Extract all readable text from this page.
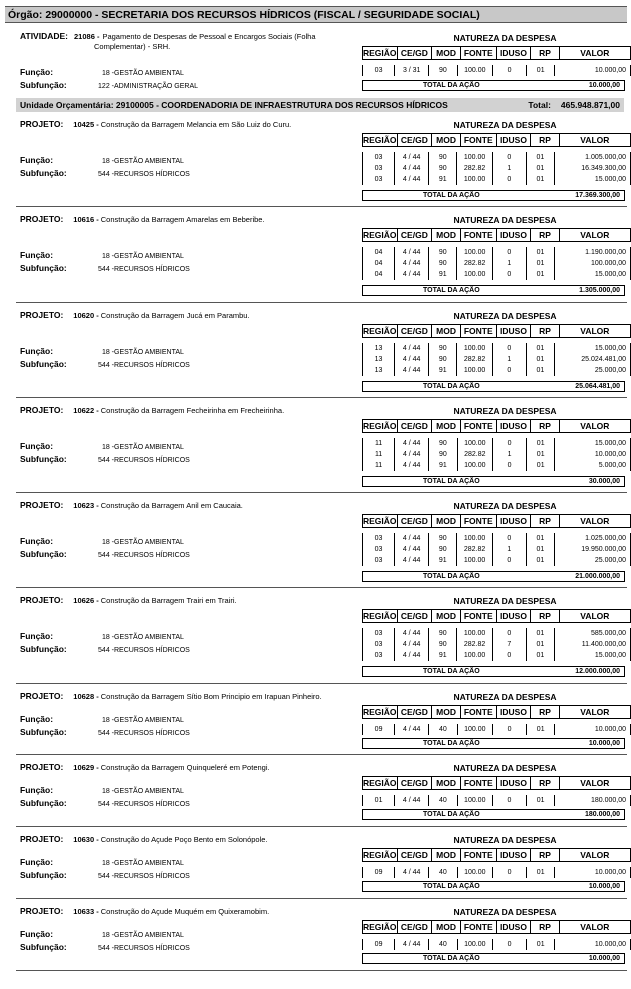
Órgão: 29000000 - SECRETARIA DOS RECURSOS HÍDRICOS (FISCAL / SEGURIDADE SOCIAL)
ATIVIDADE: 21086 - Pagamento de Despesas de Pessoal e Encargos Sociais (Folha
Complementar) - SRH.
NATUREZA DA DESPESA
REGIÃO	CE/GD	MOD	FONTE	IDUSO	RP	VALOR
03	3 / 31	90	100.00	0	01	10.000,00
TOTAL DA AÇÃO	10.000,00
Função:	18 -GESTÃO AMBIENTAL
Subfunção:	122 -ADMINISTRAÇÃO GERAL
Unidade Orçamentária: 29100005 - COORDENADORIA DE INFRAESTRUTURA DOS RECURSOS HÍDRICOS	Total: 465.948.871,00
PROJETO: 10425 - Construção da Barragem Melancia em São Luiz do Curu.	NATUREZA DA DESPESA
REGIÃO	CE/GD	MOD	FONTE	IDUSO	RP	VALOR
03	4 / 44	90	100.00	0	01	1.005.000,00
03	4 / 44	90	282.82	1	01	16.349.300,00
03	4 / 44	91	100.00	0	01	15.000,00
TOTAL DA AÇÃO	17.369.300,00
Função:	18 -GESTÃO AMBIENTAL
Subfunção:	544 -RECURSOS HÍDRICOS
PROJETO: 10616 - Construção da Barragem Amarelas em Beberibe.	NATUREZA DA DESPESA
REGIÃO	CE/GD	MOD	FONTE	IDUSO	RP	VALOR
04	4 / 44	90	100.00	0	01	1.190.000,00
04	4 / 44	90	282.82	1	01	100.000,00
04	4 / 44	91	100.00	0	01	15.000,00
TOTAL DA AÇÃO	1.305.000,00
Função:	18 -GESTÃO AMBIENTAL
Subfunção:	544 -RECURSOS HÍDRICOS
PROJETO: 10620 - Construção da Barragem Jucá em Parambu.	NATUREZA DA DESPESA
REGIÃO	CE/GD	MOD	FONTE	IDUSO	RP	VALOR
13	4 / 44	90	100.00	0	01	15.000,00
13	4 / 44	90	282.82	1	01	25.024.481,00
13	4 / 44	91	100.00	0	01	25.000,00
TOTAL DA AÇÃO	25.064.481,00
Função:	18 -GESTÃO AMBIENTAL
Subfunção:	544 -RECURSOS HÍDRICOS
PROJETO: 10622 - Construção da Barragem Fecheirinha em Frecheirinha.	NATUREZA DA DESPESA
REGIÃO	CE/GD	MOD	FONTE	IDUSO	RP	VALOR
11	4 / 44	90	100.00	0	01	15.000,00
11	4 / 44	90	282.82	1	01	10.000,00
11	4 / 44	91	100.00	0	01	5.000,00
TOTAL DA AÇÃO	30.000,00
Função:	18 -GESTÃO AMBIENTAL
Subfunção:	544 -RECURSOS HÍDRICOS
PROJETO: 10623 - Construção da Barragem Anil em Caucaia.	NATUREZA DA DESPESA
REGIÃO	CE/GD	MOD	FONTE	IDUSO	RP	VALOR
03	4 / 44	90	100.00	0	01	1.025.000,00
03	4 / 44	90	282.82	1	01	19.950.000,00
03	4 / 44	91	100.00	0	01	25.000,00
TOTAL DA AÇÃO	21.000.000,00
Função:	18 -GESTÃO AMBIENTAL
Subfunção:	544 -RECURSOS HÍDRICOS
PROJETO: 10626 - Construção da Barragem Trairi em Trairi.	NATUREZA DA DESPESA
REGIÃO	CE/GD	MOD	FONTE	IDUSO	RP	VALOR
03	4 / 44	90	100.00	0	01	585.000,00
03	4 / 44	90	282.82	7	01	11.400.000,00
03	4 / 44	91	100.00	0	01	15.000,00
TOTAL DA AÇÃO	12.000.000,00
Função:	18 -GESTÃO AMBIENTAL
Subfunção:	544 -RECURSOS HÍDRICOS
PROJETO: 10628 - Construção da Barragem Sítio Bom Principio em Irapuan Pinheiro.	NATUREZA DA DESPESA
REGIÃO	CE/GD	MOD	FONTE	IDUSO	RP	VALOR
09	4 / 44	40	100.00	0	01	10.000,00
TOTAL DA AÇÃO	10.000,00
Função:	18 -GESTÃO AMBIENTAL
Subfunção:	544 -RECURSOS HÍDRICOS
PROJETO: 10629 - Construção da Barragem Quinqueleré em Potengi.	NATUREZA DA DESPESA
REGIÃO	CE/GD	MOD	FONTE	IDUSO	RP	VALOR
01	4 / 44	40	100.00	0	01	180.000,00
TOTAL DA AÇÃO	180.000,00
Função:	18 -GESTÃO AMBIENTAL
Subfunção:	544 -RECURSOS HÍDRICOS
PROJETO: 10630 - Construção do Açude Poço Bento em Solonópole.	NATUREZA DA DESPESA
REGIÃO	CE/GD	MOD	FONTE	IDUSO	RP	VALOR
09	4 / 44	40	100.00	0	01	10.000,00
TOTAL DA AÇÃO	10.000,00
Função:	18 -GESTÃO AMBIENTAL
Subfunção:	544 -RECURSOS HÍDRICOS
PROJETO: 10633 - Construção do Açude Muquém em Quixeramobim.	NATUREZA DA DESPESA
REGIÃO	CE/GD	MOD	FONTE	IDUSO	RP	VALOR
09	4 / 44	40	100.00	0	01	10.000,00
TOTAL DA AÇÃO	10.000,00
Função:	18 -GESTÃO AMBIENTAL
Subfunção:	544 -RECURSOS HÍDRICOS
